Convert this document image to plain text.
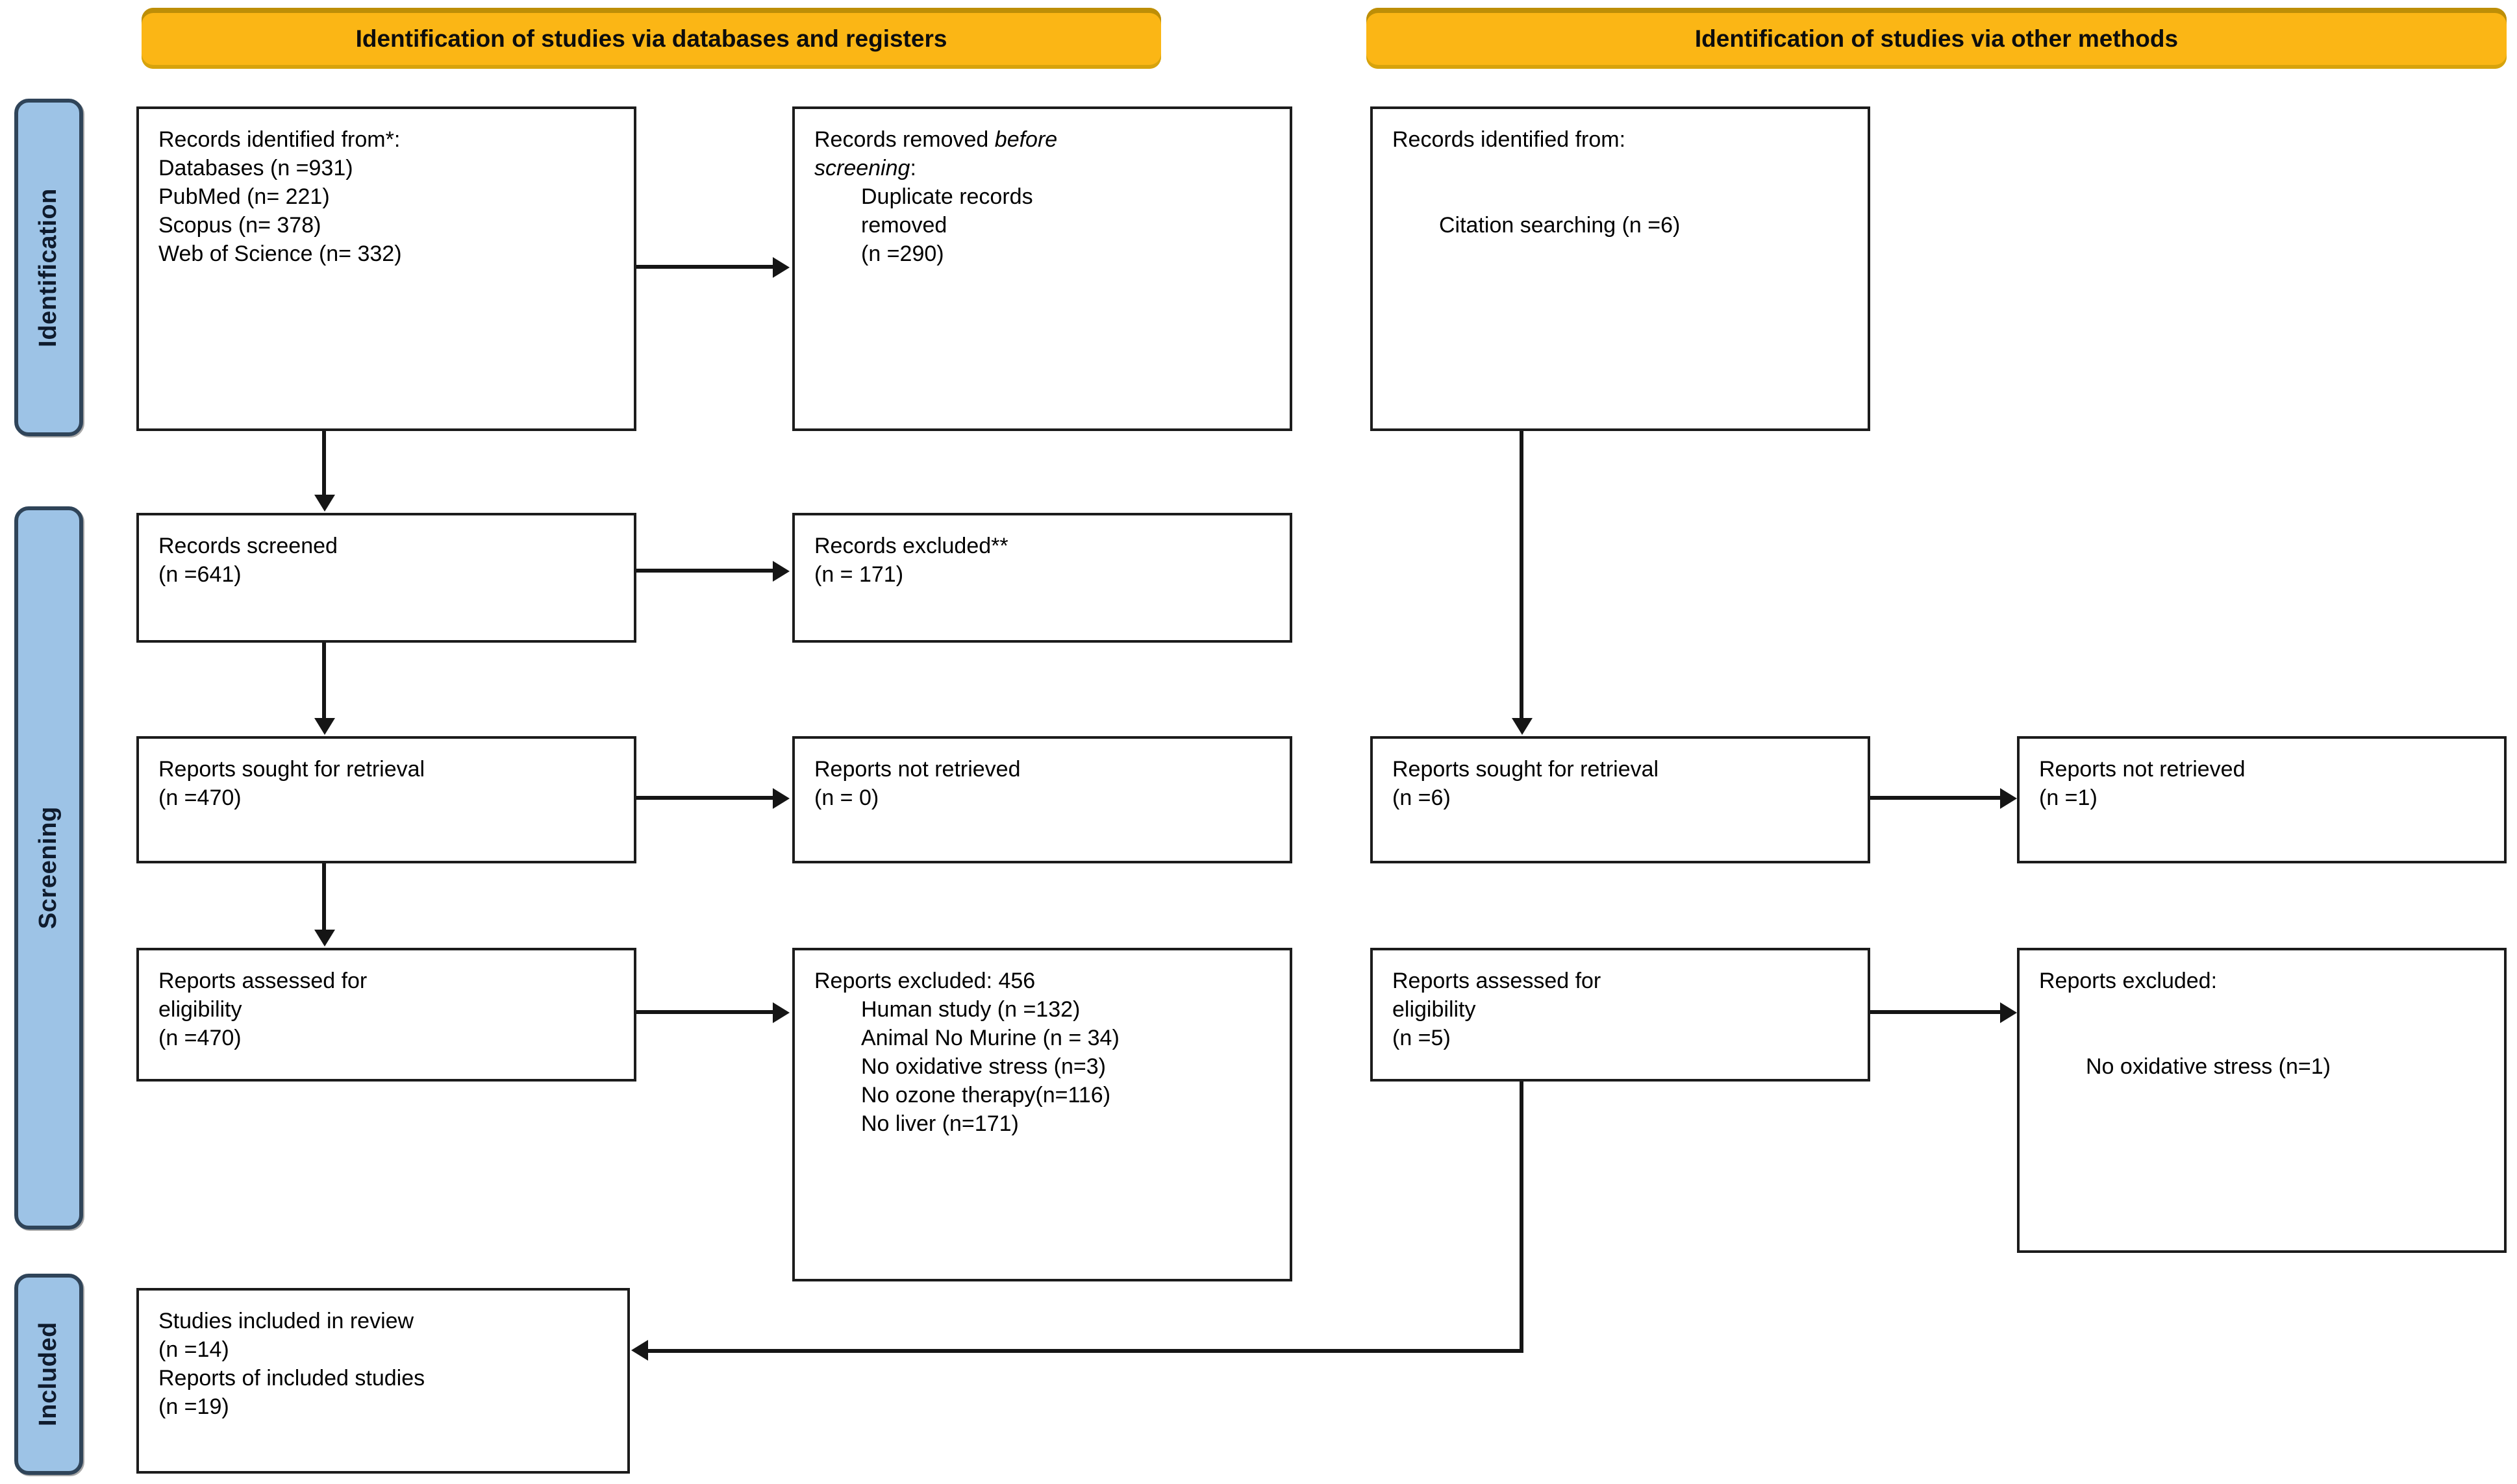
Identification of studies via databases and registers	Identification of studies via other methods
Identification
Screening
Included
Records identified from*:
Databases (n =931)
PubMed (n= 221)
Scopus (n= 378)
Web of Science (n= 332)
Records removed before
screening:
Duplicate records
removed
(n =290)
Records identified from:

Citation searching (n =6)
Records screened
(n =641)
Records excluded**
(n = 171)
Reports sought for retrieval
(n =470)
Reports not retrieved
(n = 0)
Reports sought for retrieval
(n =6)
Reports not retrieved
(n =1)
Reports assessed for
eligibility
(n =470)
Reports excluded: 456
Human study (n =132)
Animal No Murine (n = 34)
No oxidative stress (n=3)
No ozone therapy(n=116)
No liver (n=171)
Reports assessed for
eligibility
(n =5)
Reports excluded:

No oxidative stress (n=1)
Studies included in review
(n =14)
Reports of included studies
(n =19)
